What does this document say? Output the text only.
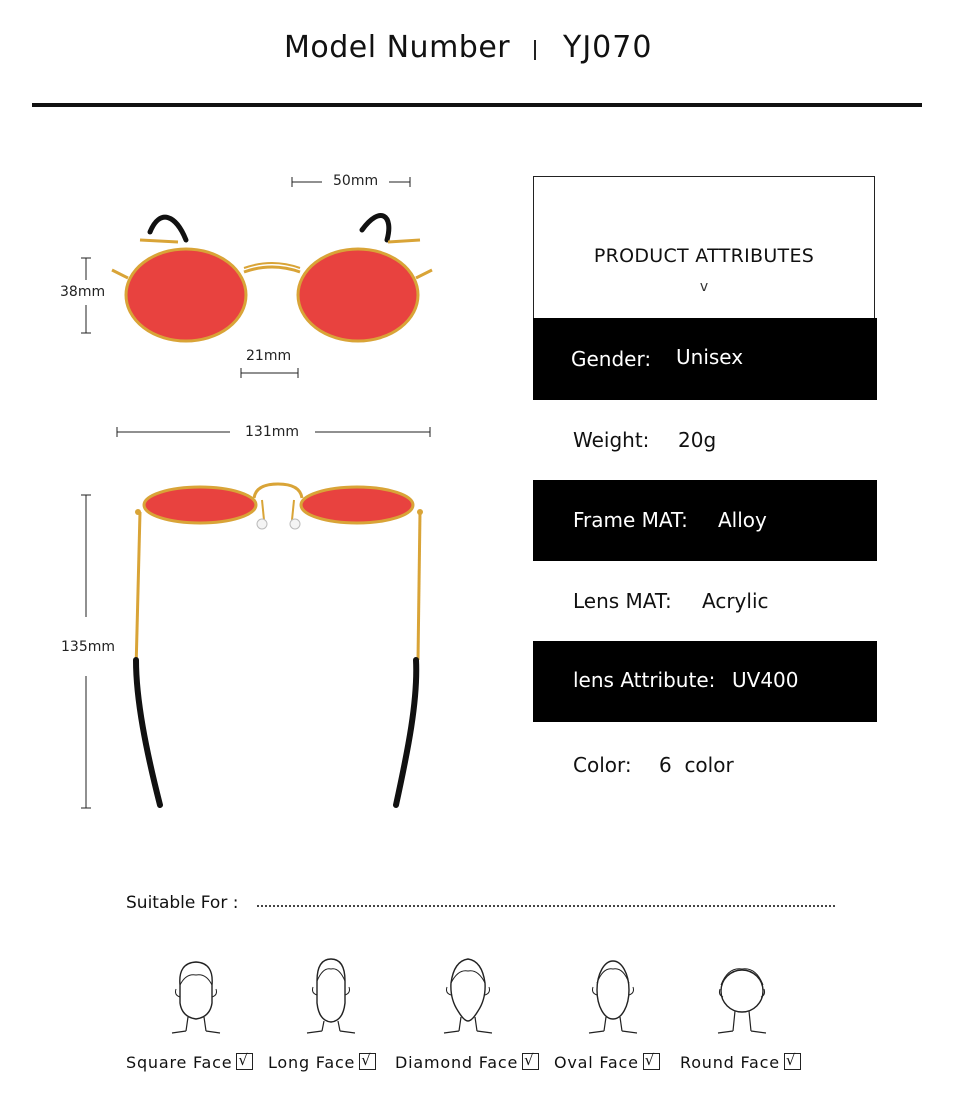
Model Number YJ070
50mm
38mm
21mm
131mm
135mm
PRODUCT ATTRIBUTES
v
Gender: Unisex
Weight: 20g
Frame MAT: Alloy
Lens MAT: Acrylic
lens Attribute: UV400
Color: 6  color
Suitable For :
Square Face √	Long Face √	Diamond Face √	Oval Face √	Round Face√
